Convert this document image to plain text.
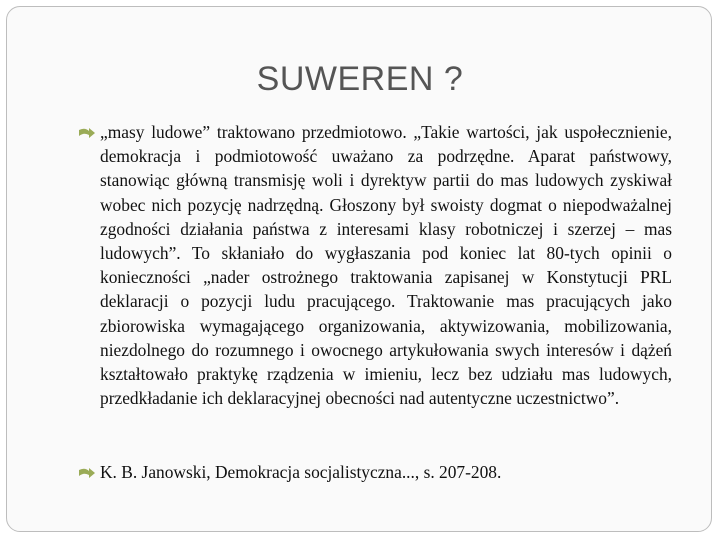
SUWEREN ?

„masy ludowe” traktowano przedmiotowo. „Takie wartości, jak uspołecznienie, demokracja i podmiotowość uważano za podrzędne. Aparat państwowy, stanowiąc główną transmisję woli i dyrektyw partii do mas ludowych zyskiwał wobec nich pozycję nadrzędną. Głoszony był swoisty dogmat o niepodważalnej zgodności działania państwa z interesami klasy robotniczej i szerzej – mas ludowych”. To skłaniało do wygłaszania pod koniec lat 80-tych opinii o konieczności „nader ostrożnego traktowania zapisanej w Konstytucji PRL deklaracji o pozycji ludu pracującego. Traktowanie mas pracujących jako zbiorowiska wymagającego organizowania, aktywizowania, mobilizowania, niezdolnego do rozumnego i owocnego artykułowania swych interesów i dążeń kształtowało praktykę rządzenia w imieniu, lecz bez udziału mas ludowych, przedkładanie ich deklaracyjnej obecności nad autentyczne uczestnictwo”.

K. B. Janowski, Demokracja socjalistyczna..., s. 207-208.
